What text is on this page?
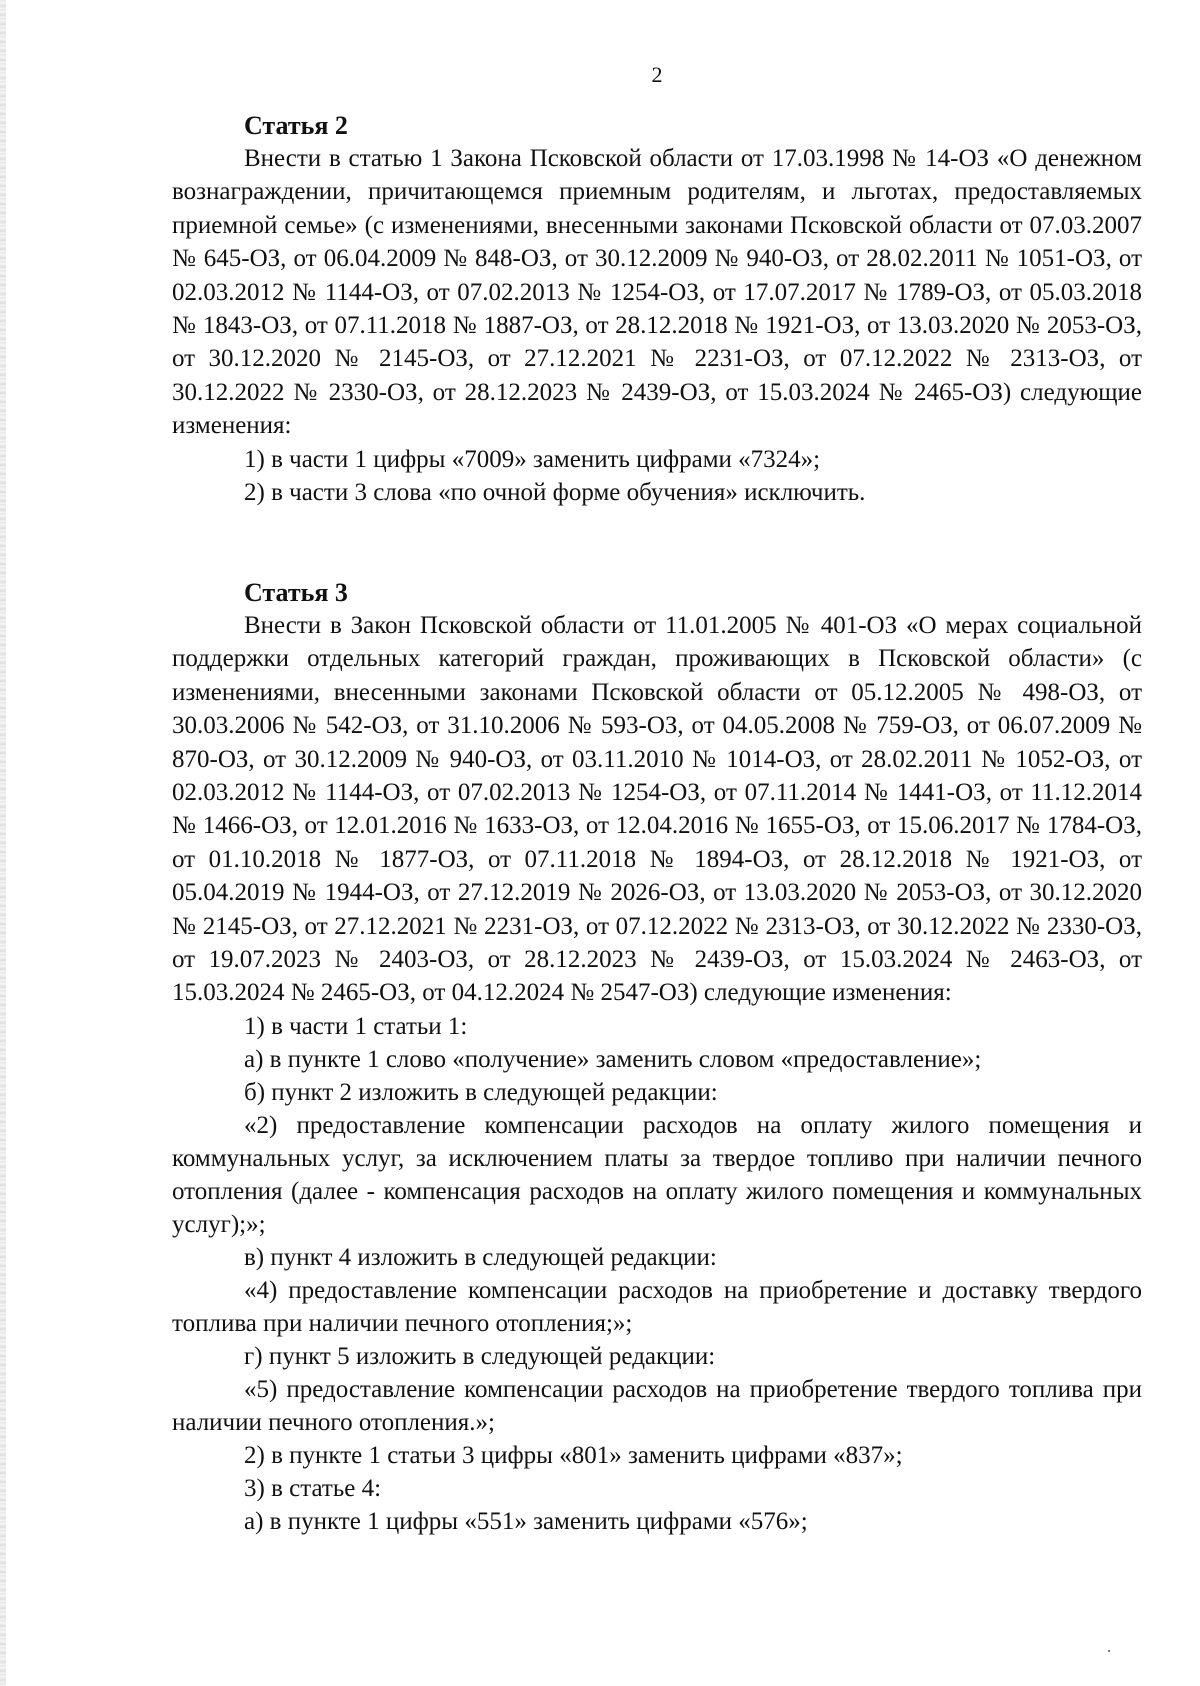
2
Статья 2

Внести в статью 1 Закона Псковской области от 17.03.1998 № 14-ОЗ «О денежном вознаграждении, причитающемся приемным родителям, и льготах, предоставляемых приемной семье» (с изменениями, внесенными законами Псковской области от 07.03.2007 № 645-ОЗ, от 06.04.2009 № 848-ОЗ, от 30.12.2009 № 940-ОЗ, от 28.02.2011 № 1051-ОЗ, от 02.03.2012 № 1144-ОЗ, от 07.02.2013 № 1254-ОЗ, от 17.07.2017 № 1789-ОЗ, от 05.03.2018 № 1843-ОЗ, от 07.11.2018 № 1887-ОЗ, от 28.12.2018 № 1921-ОЗ, от 13.03.2020 № 2053-ОЗ, от 30.12.2020 № 2145-ОЗ, от 27.12.2021 № 2231-ОЗ, от 07.12.2022 № 2313-ОЗ, от 30.12.2022 № 2330-ОЗ, от 28.12.2023 № 2439-ОЗ, от 15.03.2024 № 2465-ОЗ) следующие изменения:

1) в части 1 цифры «7009» заменить цифрами «7324»;

2) в части 3 слова «по очной форме обучения» исключить.

Статья 3

Внести в Закон Псковской области от 11.01.2005 № 401-ОЗ «О мерах социальной поддержки отдельных категорий граждан, проживающих в Псковской области» (с изменениями, внесенными законами Псковской области от 05.12.2005 № 498-ОЗ, от 30.03.2006 № 542-ОЗ, от 31.10.2006 № 593-ОЗ, от 04.05.2008 № 759-ОЗ, от 06.07.2009 № 870-ОЗ, от 30.12.2009 № 940-ОЗ, от 03.11.2010 № 1014-ОЗ, от 28.02.2011 № 1052-ОЗ, от 02.03.2012 № 1144-ОЗ, от 07.02.2013 № 1254-ОЗ, от 07.11.2014 № 1441-ОЗ, от 11.12.2014 № 1466-ОЗ, от 12.01.2016 № 1633-ОЗ, от 12.04.2016 № 1655-ОЗ, от 15.06.2017 № 1784-ОЗ, от 01.10.2018 № 1877-ОЗ, от 07.11.2018 № 1894-ОЗ, от 28.12.2018 № 1921-ОЗ, от 05.04.2019 № 1944-ОЗ, от 27.12.2019 № 2026-ОЗ, от 13.03.2020 № 2053-ОЗ, от 30.12.2020 № 2145-ОЗ, от 27.12.2021 № 2231-ОЗ, от 07.12.2022 № 2313-ОЗ, от 30.12.2022 № 2330-ОЗ, от 19.07.2023 № 2403-ОЗ, от 28.12.2023 № 2439-ОЗ, от 15.03.2024 № 2463-ОЗ, от 15.03.2024 № 2465-ОЗ, от 04.12.2024 № 2547-ОЗ) следующие изменения:

1) в части 1 статьи 1:

а) в пункте 1 слово «получение» заменить словом «предоставление»;

б) пункт 2 изложить в следующей редакции:

«2) предоставление компенсации расходов на оплату жилого помещения и коммунальных услуг, за исключением платы за твердое топливо при наличии печного отопления (далее - компенсация расходов на оплату жилого помещения и коммунальных услуг);»;

в) пункт 4 изложить в следующей редакции:

«4) предоставление компенсации расходов на приобретение и доставку твердого топлива при наличии печного отопления;»;

г) пункт 5 изложить в следующей редакции:

«5) предоставление компенсации расходов на приобретение твердого топлива при наличии печного отопления.»;

2) в пункте 1 статьи 3 цифры «801» заменить цифрами «837»;

3) в статье 4:

а) в пункте 1 цифры «551» заменить цифрами «576»;
